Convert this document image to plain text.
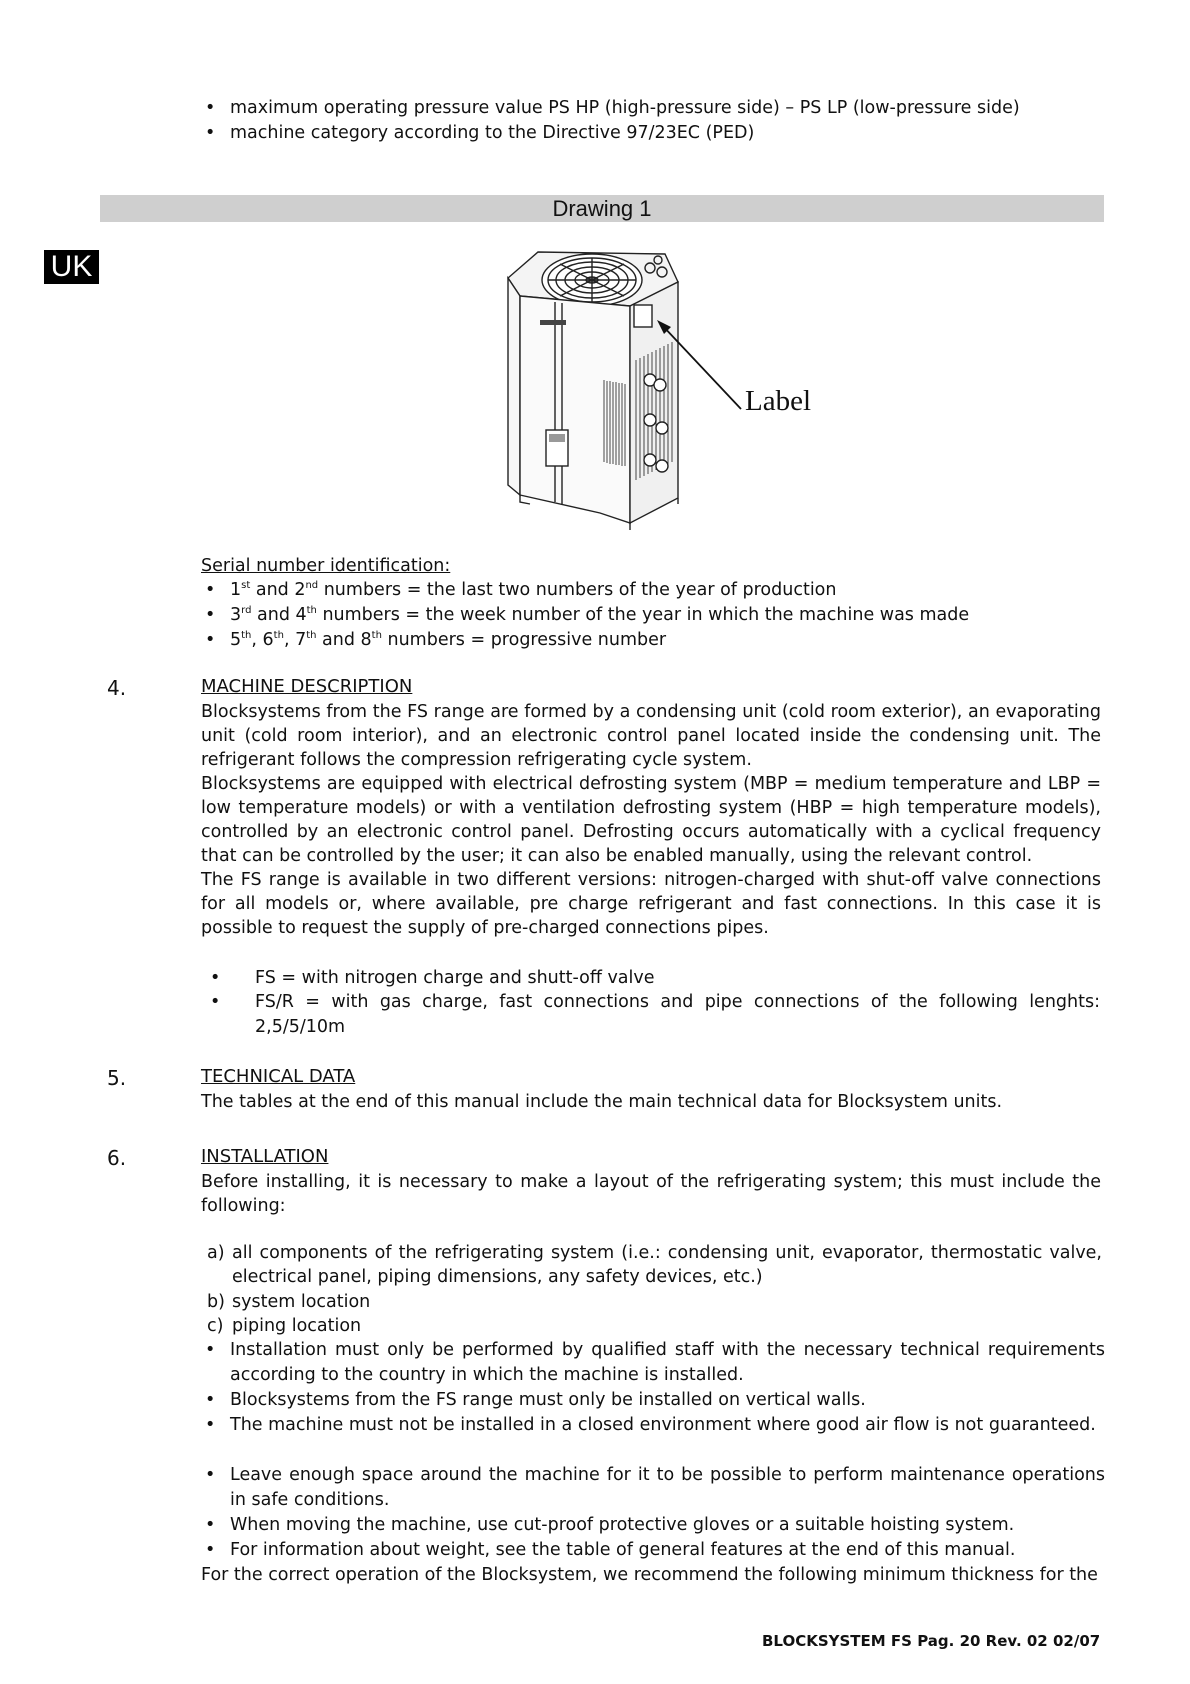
• maximum operating pressure value PS HP (high-pressure side) – PS LP (low-pressure side)
• machine category according to the Directive 97/23EC (PED)
Drawing 1
UK
Label
Serial number identification:
• 1st and 2nd numbers = the last two numbers of the year of production
• 3rd and 4th numbers = the week number of the year in which the machine was made
• 5th, 6th, 7th and 8th numbers = progressive number
4.	MACHINE DESCRIPTION
Blocksystems from the FS range are formed by a condensing unit (cold room exterior), an evaporating unit (cold room interior), and an electronic control panel located inside the condensing unit. The refrigerant follows the compression refrigerating cycle system.
Blocksystems are equipped with electrical defrosting system (MBP = medium temperature and LBP = low temperature models) or with a ventilation defrosting system (HBP = high temperature models), controlled by an electronic control panel. Defrosting occurs automatically with a cyclical frequency that can be controlled by the user; it can also be enabled manually, using the relevant control.
The FS range is available in two different versions: nitrogen-charged with shut-off valve connections for all models or, where available, pre charge refrigerant and fast connections. In this case it is possible to request the supply of pre-charged connections pipes.
• FS = with nitrogen charge and shutt-off valve
• FS/R = with gas charge, fast connections and pipe connections of the following lenghts: 2,5/5/10m
5.	TECHNICAL DATA
The tables at the end of this manual include the main technical data for Blocksystem units.
6.	INSTALLATION
Before installing, it is necessary to make a layout of the refrigerating system; this must include the following:
a) all components of the refrigerating system (i.e.: condensing unit, evaporator, thermostatic valve, electrical panel, piping dimensions, any safety devices, etc.)
b) system location
c) piping location
• Installation must only be performed by qualified staff with the necessary technical requirements according to the country in which the machine is installed.
• Blocksystems from the FS range must only be installed on vertical walls.
• The machine must not be installed in a closed environment where good air flow is not guaranteed.
• Leave enough space around the machine for it to be possible to perform maintenance operations in safe conditions.
• When moving the machine, use cut-proof protective gloves or a suitable hoisting system.
• For information about weight, see the table of general features at the end of this manual.
For the correct operation of the Blocksystem, we recommend the following minimum thickness for the
BLOCKSYSTEM FS Pag. 20 Rev. 02 02/07
